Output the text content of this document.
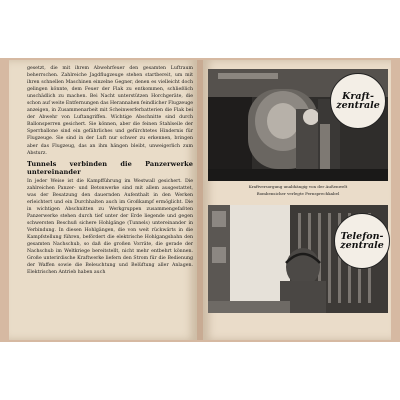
gesetzt, die mit ihrem Abwehrfeuer den gesamten Luftraum beherrschen. Zahlreiche Jagdflugzeuge stehen startbereit, um mit ihren schnellen Maschinen einzelne Gegner, denen es vielleicht doch gelingen könnte, dem Feuer der Flak zu entkommen, schließlich unschädlich zu machen. Bei Nacht unterstützen Horchgeräte, die schon auf weite Entfernungen das Herannahen feindlicher Flugzeuge anzeigen, in Zusammenarbeit mit Scheinwerferbatterien die Flak bei der Abwehr von Luftangriffen. Wichtige Abschnitte sind durch Ballonsperren gesichert. Sie können, aber die feinen Stahlseile der Sperrballone sind ein gefährliches und gefürchtetes Hindernis für Flugzeuge. Sie sind in der Luft nur schwer zu erkennen, bringen aber das Flugzeug, das an ihm hängen bleibt, unweigerlich zum Absturz.

Tunnels verbinden die Panzerwerke untereinander

In jeder Weise ist die Kampfführung im Westwall gesichert. Die zahlreichen Panzer- und Betonwerke sind mit allem ausgestattet, was der Besatzung den dauernden Aufenthalt in den Werken erleichtert und ein Durchhalten auch im Großkampf ermöglicht. Die in wichtigen Abschnitten zu Werkgruppen zusammengefaßten Panzerwerke stehen durch tief unter der Erde liegende und gegen schwersten Beschuß sichere Hohlgänge (Tunnels) untereinander in Verbindung. In diesen Hohlgängen, die von weit rückwärts in die Kampfstellung führen, befördert die elektrische Hohlgangsbahn den gesamten Nachschub, so daß die großen Vorräte, die gerade der Nachschub im Weltkriege bereitstellt, nicht mehr entbehrt können. Große unterirdische Kraftwerke liefern den Strom für die Bedienung der Waffen sowie die Beleuchtung und Belüftung aller Anlagen. Elektrischen Antrieb haben auch

Kraft-
zentrale
Kraftversorgung unabhängig von der Außenwelt
Bombensicher verlegte Fernsprechkabel
Telefon-
zentrale
